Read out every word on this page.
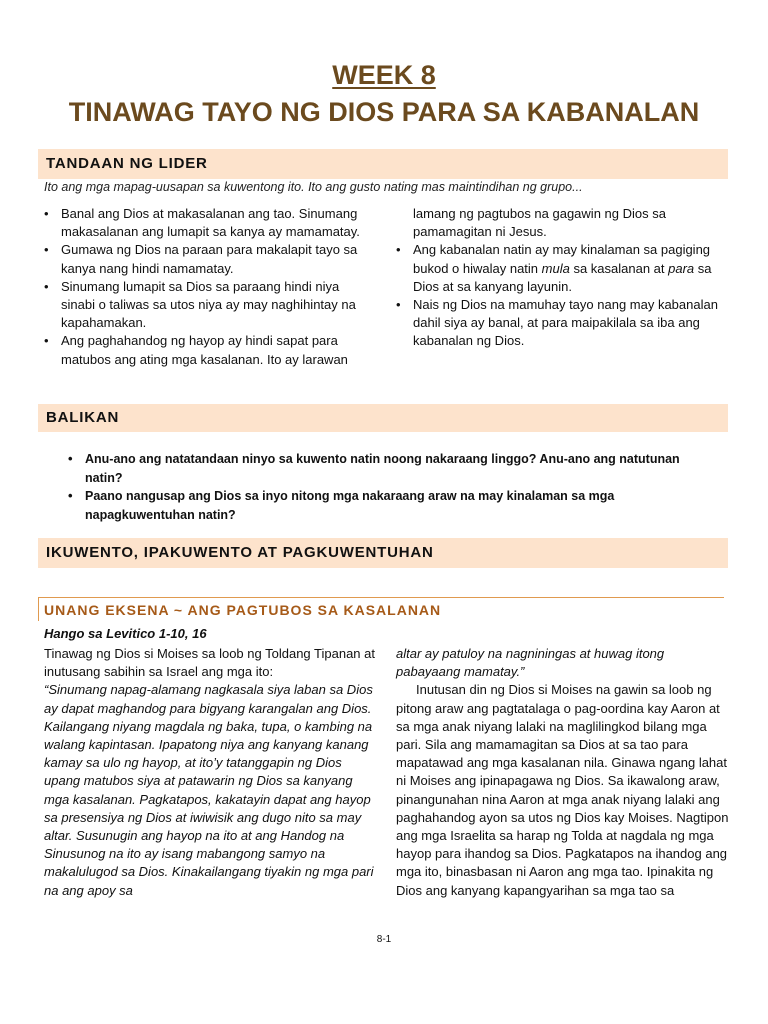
WEEK 8
TINAWAG TAYO NG DIOS PARA SA KABANALAN
TANDAAN NG LIDER
Ito ang mga mapag-uusapan sa kuwentong ito. Ito ang gusto nating mas maintindihan ng grupo...
• Banal ang Dios at makasalanan ang tao. Sinumang makasalanan ang lumapit sa kanya ay mamamatay.
• Gumawa ng Dios na paraan para makalapit tayo sa kanya nang hindi namamatay.
• Sinumang lumapit sa Dios sa paraang hindi niya sinabi o taliwas sa utos niya ay may naghihintay na kapahamakan.
• Ang paghahandog ng hayop ay hindi sapat para matubos ang ating mga kasalanan. Ito ay larawan
lamang ng pagtubos na gagawin ng Dios sa pamamagitan ni Jesus.
• Ang kabanalan natin ay may kinalaman sa pagiging bukod o hiwalay natin mula sa kasalanan at para sa Dios at sa kanyang layunin.
• Nais ng Dios na mamuhay tayo nang may kabanalan dahil siya ay banal, at para maipakilala sa iba ang kabanalan ng Dios.
BALIKAN
• Anu-ano ang natatandaan ninyo sa kuwento natin noong nakaraang linggo? Anu-ano ang natutunan natin?
• Paano nangusap ang Dios sa inyo nitong mga nakaraang araw na may kinalaman sa mga napagkuwentuhan natin?
IKUWENTO, IPAKUWENTO AT PAGKUWENTUHAN
UNANG EKSENA ~ ANG PAGTUBOS SA KASALANAN
Hango sa Levitico 1-10, 16
Tinawag ng Dios si Moises sa loob ng Toldang Tipanan at inutusang sabihin sa Israel ang mga ito:
“Sinumang napag-alamang nagkasala siya laban sa Dios ay dapat maghandog para bigyang karangalan ang Dios. Kailangang niyang magdala ng baka, tupa, o kambing na walang kapintasan. Ipapatong niya ang kanyang kanang kamay sa ulo ng hayop, at ito’y tatanggapin ng Dios upang matubos siya at patawarin ng Dios sa kanyang mga kasalanan. Pagkatapos, kakatayin dapat ang hayop sa presensiya ng Dios at iwiwisik ang dugo nito sa may altar. Susunugin ang hayop na ito at ang Handog na Sinusunog na ito ay isang mabangong samyo na makalulugod sa Dios. Kinakailangang tiyakin ng mga pari na ang apoy sa
altar ay patuloy na nagniningas at huwag itong pabayaang mamatay.”
Inutusan din ng Dios si Moises na gawin sa loob ng pitong araw ang pagtatalaga o pag-oordina kay Aaron at sa mga anak niyang lalaki na maglilingkod bilang mga pari. Sila ang mamamagitan sa Dios at sa tao para mapatawad ang mga kasalanan nila. Ginawa ngang lahat ni Moises ang ipinapagawa ng Dios. Sa ikawalong araw, pinangunahan nina Aaron at mga anak niyang lalaki ang paghahandog ayon sa utos ng Dios kay Moises. Nagtipon ang mga Israelita sa harap ng Tolda at nagdala ng mga hayop para ihandog sa Dios. Pagkatapos na ihandog ang mga ito, binasbasan ni Aaron ang mga tao. Ipinakita ng Dios ang kanyang kapangyarihan sa mga tao sa
8-1
